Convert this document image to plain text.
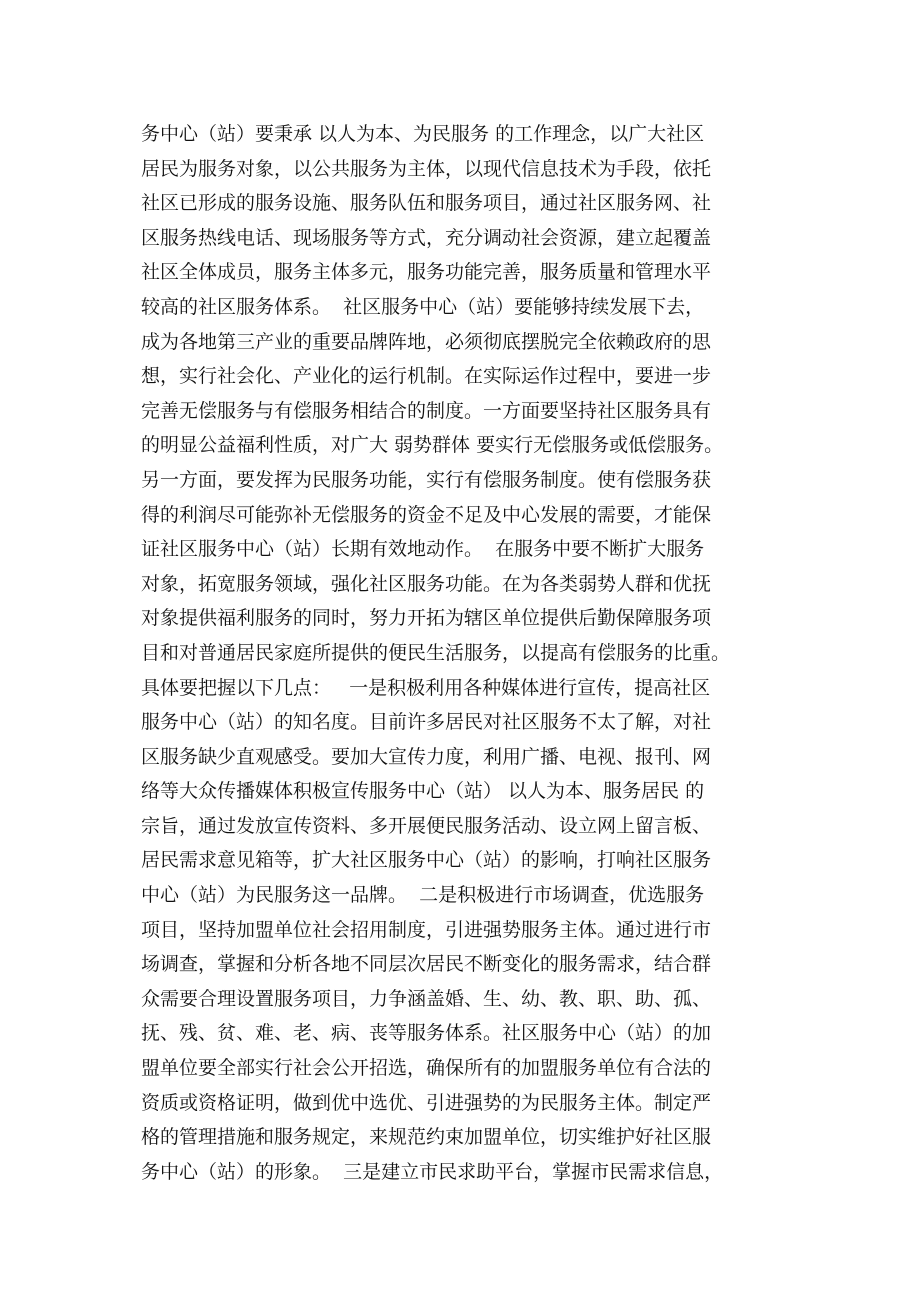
务中心（站）要秉承 以人为本、为民服务 的工作理念，以广大社区
居民为服务对象，以公共服务为主体，以现代信息技术为手段，依托
社区已形成的服务设施、服务队伍和服务项目，通过社区服务网、社
区服务热线电话、现场服务等方式，充分调动社会资源，建立起覆盖
社区全体成员，服务主体多元，服务功能完善，服务质量和管理水平
较高的社区服务体系。  社区服务中心（站）要能够持续发展下去，
成为各地第三产业的重要品牌阵地，必须彻底摆脱完全依赖政府的思
想，实行社会化、产业化的运行机制。在实际运作过程中，要进一步
完善无偿服务与有偿服务相结合的制度。一方面要坚持社区服务具有
的明显公益福利性质，对广大 弱势群体 要实行无偿服务或低偿服务。
另一方面，要发挥为民服务功能，实行有偿服务制度。使有偿服务获
得的利润尽可能弥补无偿服务的资金不足及中心发展的需要，才能保
证社区服务中心（站）长期有效地动作。  在服务中要不断扩大服务
对象，拓宽服务领域，强化社区服务功能。在为各类弱势人群和优抚
对象提供福利服务的同时，努力开拓为辖区单位提供后勤保障服务项
目和对普通居民家庭所提供的便民生活服务，以提高有偿服务的比重。
具体要把握以下几点：   一是积极利用各种媒体进行宣传，提高社区
服务中心（站）的知名度。目前许多居民对社区服务不太了解，对社
区服务缺少直观感受。要加大宣传力度，利用广播、电视、报刊、网
络等大众传播媒体积极宣传服务中心（站） 以人为本、服务居民 的
宗旨，通过发放宣传资料、多开展便民服务活动、设立网上留言板、
居民需求意见箱等，扩大社区服务中心（站）的影响，打响社区服务
中心（站）为民服务这一品牌。  二是积极进行市场调查，优选服务
项目，坚持加盟单位社会招用制度，引进强势服务主体。通过进行市
场调查，掌握和分析各地不同层次居民不断变化的服务需求，结合群
众需要合理设置服务项目，力争涵盖婚、生、幼、教、职、助、孤、
抚、残、贫、难、老、病、丧等服务体系。社区服务中心（站）的加
盟单位要全部实行社会公开招选，确保所有的加盟服务单位有合法的
资质或资格证明，做到优中选优、引进强势的为民服务主体。制定严
格的管理措施和服务规定，来规范约束加盟单位，切实维护好社区服
务中心（站）的形象。  三是建立市民求助平台，掌握市民需求信息，
